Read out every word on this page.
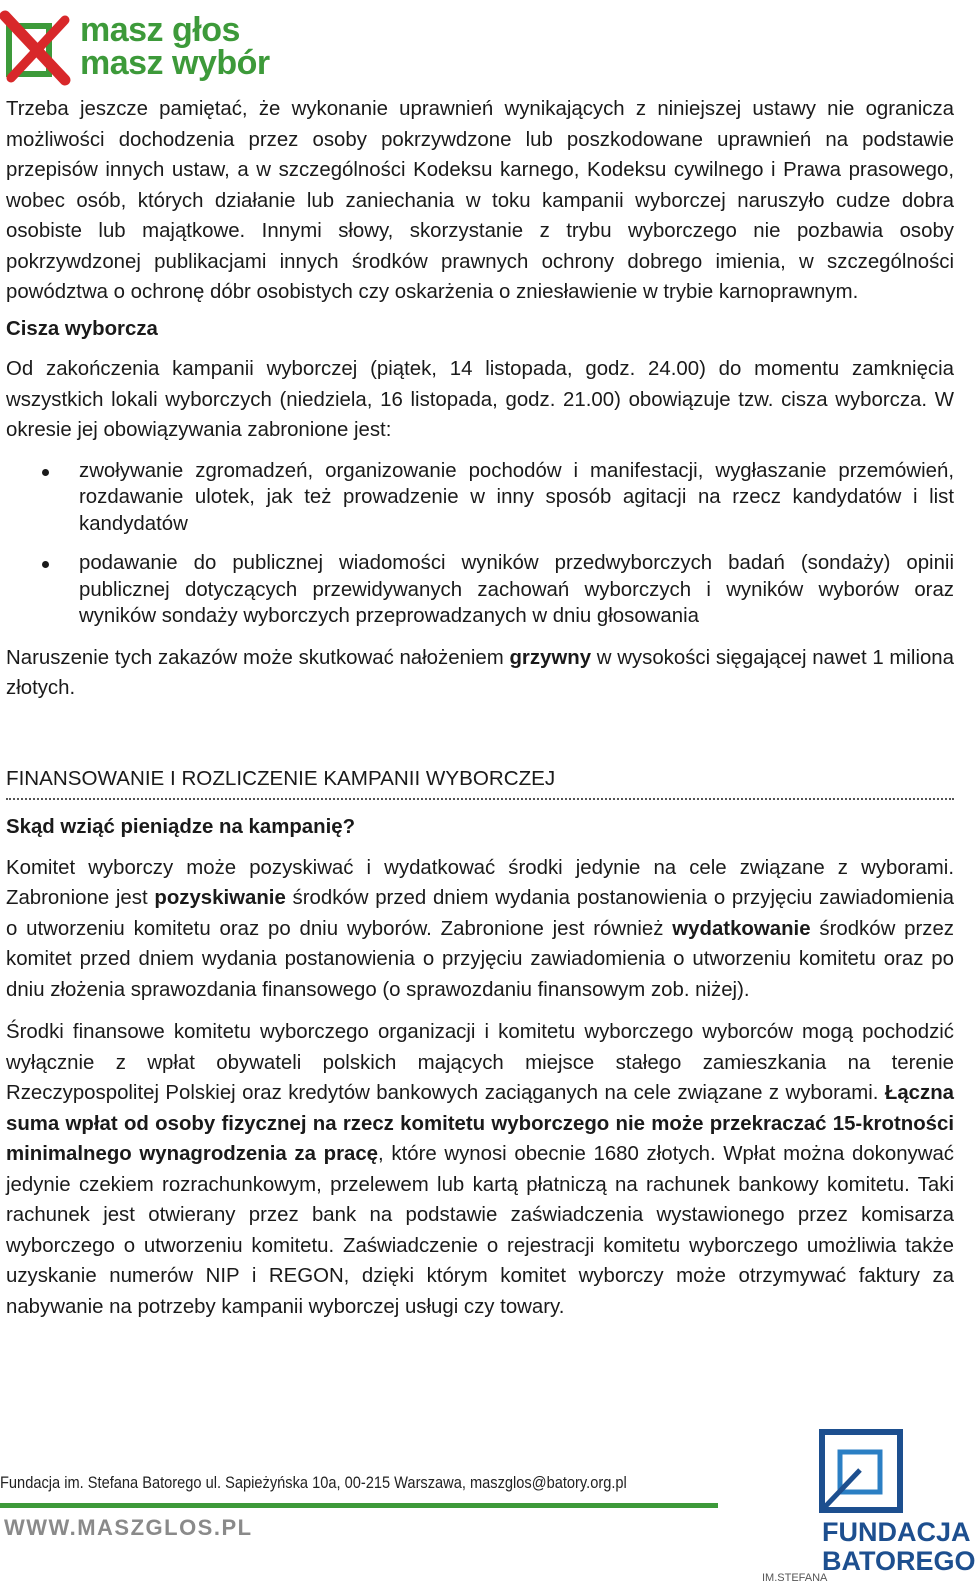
masz głos
masz wybór

Trzeba jeszcze pamiętać, że wykonanie uprawnień wynikających z niniejszej ustawy nie ogranicza możliwości dochodzenia przez osoby pokrzywdzone lub poszkodowane uprawnień na podstawie przepisów innych ustaw, a w szczególności Kodeksu karnego, Kodeksu cywilnego i Prawa prasowego, wobec osób, których działanie lub zaniechania w toku kampanii wyborczej naruszyło cudze dobra osobiste lub majątkowe. Innymi słowy, skorzystanie z trybu wyborczego nie pozbawia osoby pokrzywdzonej publikacjami innych środków prawnych ochrony dobrego imienia, w szczególności powództwa o ochronę dóbr osobistych czy oskarżenia o zniesławienie w trybie karnoprawnym.

Cisza wyborcza

Od zakończenia kampanii wyborczej (piątek, 14 listopada, godz. 24.00) do momentu zamknięcia wszystkich lokali wyborczych (niedziela, 16 listopada, godz. 21.00) obowiązuje tzw. cisza wyborcza. W okresie jej obowiązywania zabronione jest:

zwoływanie zgromadzeń, organizowanie pochodów i manifestacji, wygłaszanie przemówień, rozdawanie ulotek, jak też prowadzenie w inny sposób agitacji na rzecz kandydatów i list kandydatów
podawanie do publicznej wiadomości wyników przedwyborczych badań (sondaży) opinii publicznej dotyczących przewidywanych zachowań wyborczych i wyników wyborów oraz wyników sondaży wyborczych przeprowadzanych w dniu głosowania

Naruszenie tych zakazów może skutkować nałożeniem grzywny w wysokości sięgającej nawet 1 miliona złotych.

FINANSOWANIE I ROZLICZENIE KAMPANII WYBORCZEJ
Skąd wziąć pieniądze na kampanię?

Komitet wyborczy może pozyskiwać i wydatkować środki jedynie na cele związane z wyborami. Zabronione jest pozyskiwanie środków przed dniem wydania postanowienia o przyjęciu zawiadomienia o utworzeniu komitetu oraz po dniu wyborów. Zabronione jest również wydatkowanie środków przez komitet przed dniem wydania postanowienia o przyjęciu zawiadomienia o utworzeniu komitetu oraz po dniu złożenia sprawozdania finansowego (o sprawozdaniu finansowym zob. niżej).

Środki finansowe komitetu wyborczego organizacji i komitetu wyborczego wyborców mogą pochodzić wyłącznie z wpłat obywateli polskich mających miejsce stałego zamieszkania na terenie Rzeczypospolitej Polskiej oraz kredytów bankowych zaciąganych na cele związane z wyborami. Łączna suma wpłat od osoby fizycznej na rzecz komitetu wyborczego nie może przekraczać 15-krotności minimalnego wynagrodzenia za pracę, które wynosi obecnie 1680 złotych. Wpłat można dokonywać jedynie czekiem rozrachunkowym, przelewem lub kartą płatniczą na rachunek bankowy komitetu. Taki rachunek jest otwierany przez bank na podstawie zaświadczenia wystawionego przez komisarza wyborczego o utworzeniu komitetu. Zaświadczenie o rejestracji komitetu wyborczego umożliwia także uzyskanie numerów NIP i REGON, dzięki którym komitet wyborczy może otrzymywać faktury za nabywanie na potrzeby kampanii wyborczej usługi czy towary.

Fundacja im. Stefana Batorego ul. Sapieżyńska 10a, 00-215 Warszawa, maszglos@batory.org.pl
WWW.MASZGLOS.PL	FUNDACJA
BATOREGO
IM.STEFANA
